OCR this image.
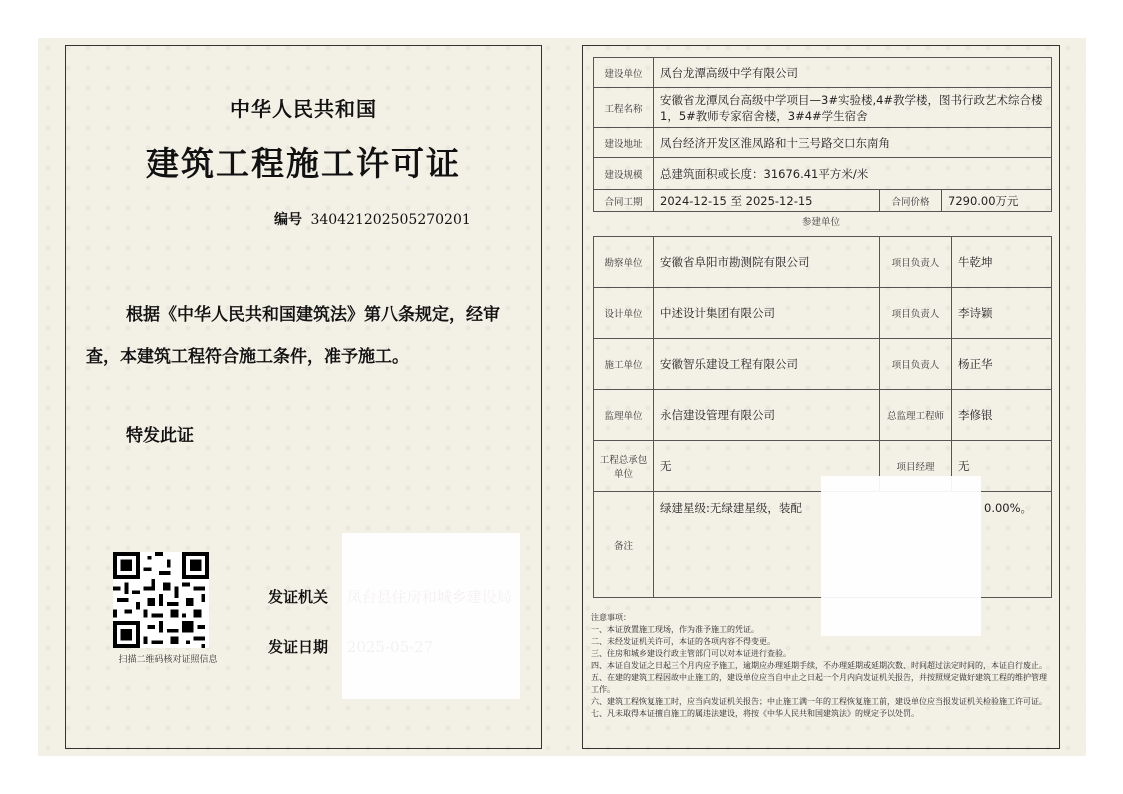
中华人民共和国
建筑工程施工许可证
编号 340421202505270201
根据《中华人民共和国建筑法》第八条规定，经审查，本建筑工程符合施工条件，准予施工。
特发此证
扫描二维码核对证照信息
发证机关
发证日期
建设单位	凤台龙潭高级中学有限公司		
工程名称	安徽省龙潭凤台高级中学项目—3#实验楼,4#教学楼，图书行政艺术综合楼1，5#教师专家宿舍楼，3#4#学生宿舍		
建设地址	凤台经济开发区淮凤路和十三号路交口东南角		
建设规模	总建筑面积或长度：31676.41平方米/米		
合同工期	2024-12-15 至 2025-12-15	合同价格	7290.00万元
参建单位
勘察单位	安徽省阜阳市勘测院有限公司	项目负责人	牛乾坤
设计单位	中述设计集团有限公司	项目负责人	李诗颖
施工单位	安徽智乐建设工程有限公司	项目负责人	杨正华
监理单位	永信建设管理有限公司	总监理工程师	李修银
工程总承包单位	无	项目经理	无
备注	绿建星级:无绿建星级，装配 0.00%。		
注意事项：
一、本证放置施工现场，作为准予施工的凭证。
二、未经发证机关许可，本证的各项内容不得变更。
三、住房和城乡建设行政主管部门可以对本证进行查验。
四、本证自发证之日起三个月内应予施工，逾期应办理延期手续，不办理延期或延期次数、时间超过法定时间的，本证自行废止。
五、在建的建筑工程因故中止施工的，建设单位应当自中止之日起一个月内向发证机关报告，并按照规定做好建筑工程的维护管理工作。
六、建筑工程恢复施工时，应当向发证机关报告；中止施工满一年的工程恢复施工前，建设单位应当报发证机关检验施工许可证。
七、凡未取得本证擅自施工的属违法建设，将按《中华人民共和国建筑法》的规定予以处罚。
